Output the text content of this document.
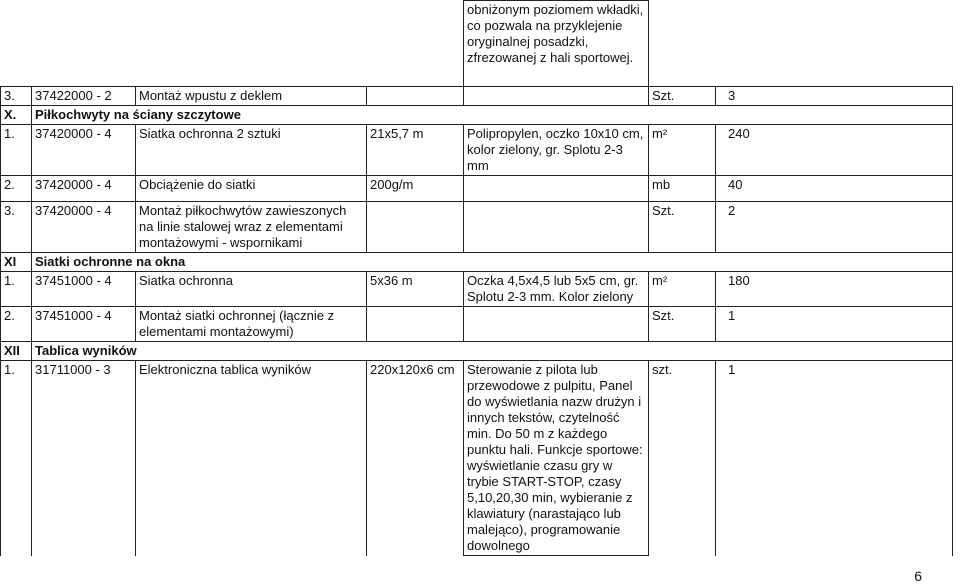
				obniżonym poziomem wkładki, co pozwala na przyklejenie oryginalnej posadzki, zfrezowanej z hali sportowej.		
3.	37422000 - 2	Montaż wpustu z deklem			Szt.	3
X.	Piłkochwyty na ściany szczytowe					
1.	37420000 - 4	Siatka ochronna 2 sztuki	21x5,7 m	Polipropylen, oczko 10x10 cm, kolor zielony, gr. Splotu 2-3 mm	m²	240
2.	37420000 - 4	Obciążenie do siatki	200g/m		mb	40
3.	37420000 - 4	Montaż piłkochwytów zawieszonych na linie stalowej wraz z elementami montażowymi - wspornikami			Szt.	2
XI	Siatki ochronne na okna					
1.	37451000 - 4	Siatka ochronna	5x36 m	Oczka 4,5x4,5 lub 5x5 cm, gr. Splotu 2-3 mm. Kolor zielony	m²	180
2.	37451000 - 4	Montaż siatki ochronnej (łącznie z elementami montażowymi)			Szt.	1
XII	Tablica wyników					
1.	31711000 - 3	Elektroniczna tablica wyników	220x120x6 cm	Sterowanie z pilota lub przewodowe z pulpitu, Panel do wyświetlania nazw drużyn i innych tekstów, czytelność min. Do 50 m z każdego punktu hali. Funkcje sportowe: wyświetlanie czasu gry w trybie START-STOP, czasy 5,10,20,30 min, wybieranie z klawiatury (narastająco lub malejąco), programowanie dowolnego	szt.	1
6
